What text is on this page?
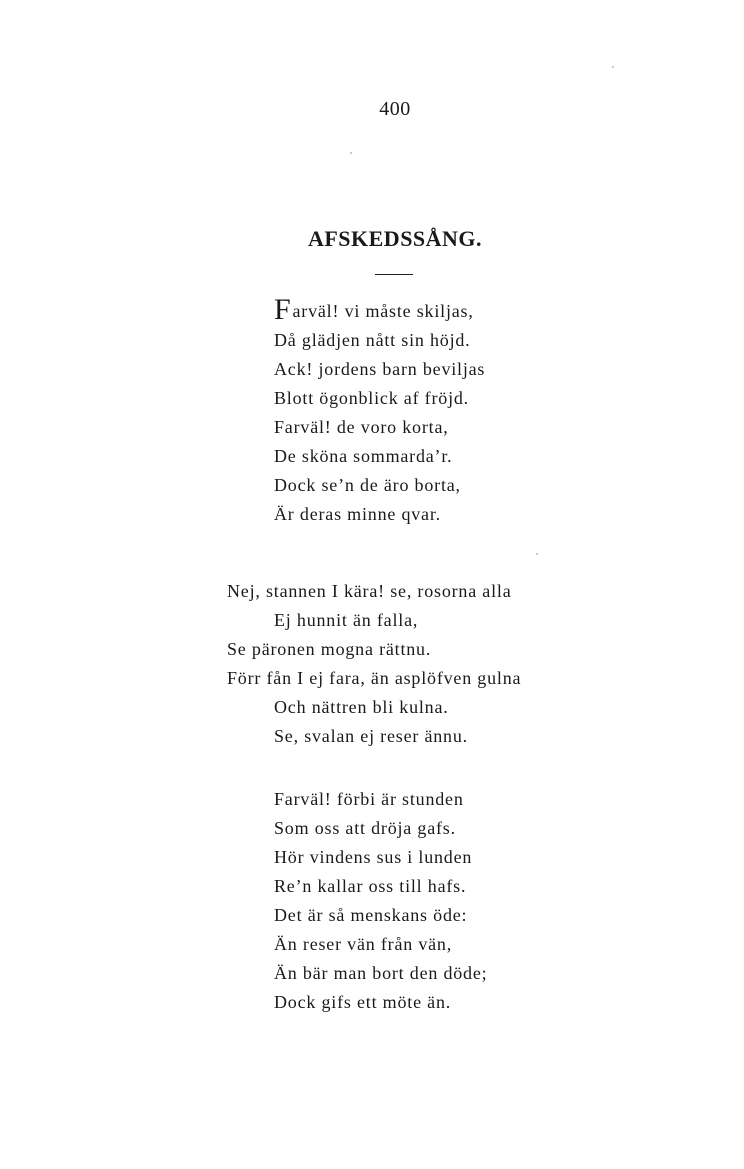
400
AFSKEDSSÅNG.
Farväl! vi måste skiljas,
Då glädjen nått sin höjd.
Ack! jordens barn beviljas
Blott ögonblick af fröjd.
Farväl! de voro korta,
De sköna sommarda’r.
Dock se’n de äro borta,
Är deras minne qvar.
Nej, stannen I kära! se, rosorna alla
Ej hunnit än falla,
Se päronen mogna rättnu.
Förr fån I ej fara, än asplöfven gulna
Och nättren bli kulna.
Se, svalan ej reser ännu.
Farväl! förbi är stunden
Som oss att dröja gafs.
Hör vindens sus i lunden
Re’n kallar oss till hafs.
Det är så menskans öde:
Än reser vän från vän,
Än bär man bort den döde;
Dock gifs ett möte än.
